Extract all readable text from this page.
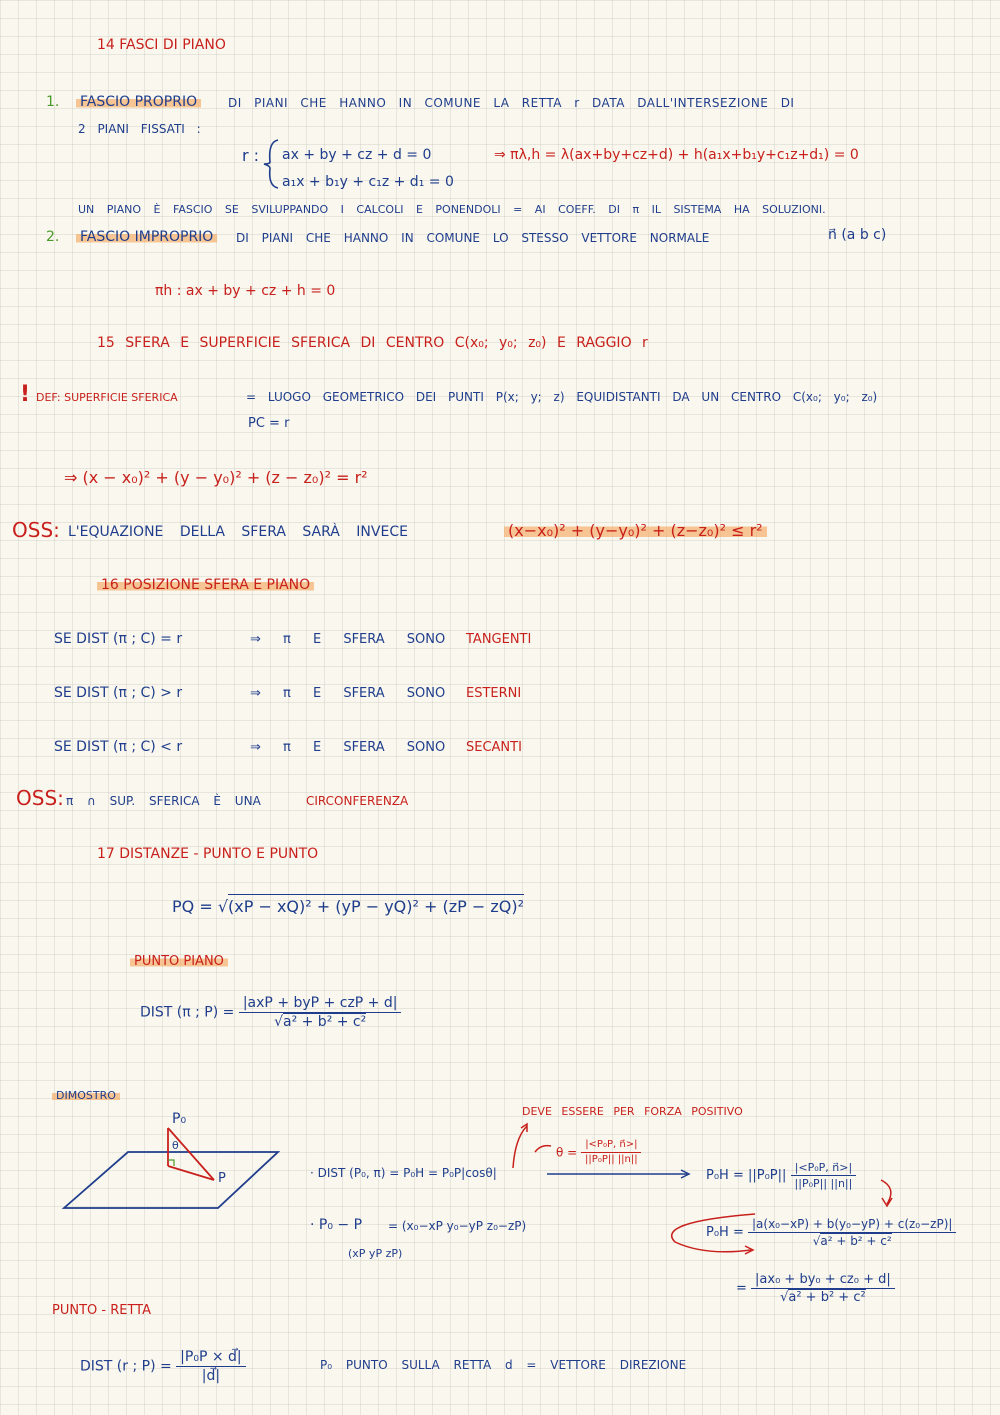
14 FASCI DI PIANO
1. FASCIO PROPRIO	DI PIANI CHE HANNO IN COMUNE LA RETTA r DATA DALL'INTERSEZIONE DI
2 PIANI FISSATI :
r : ax + by + cz + d = 0
a₁x + b₁y + c₁z + d₁ = 0
⇒ πλ,h = λ(ax+by+cz+d) + h(a₁x+b₁y+c₁z+d₁) = 0
UN PIANO È FASCIO SE SVILUPPANDO I CALCOLI E PONENDOLI = AI COEFF. DI π IL SISTEMA HA SOLUZIONI.
2. FASCIO IMPROPRIO	DI PIANI CHE HANNO IN COMUNE LO STESSO VETTORE NORMALE	n⃗ (a b c)
πh : ax + by + cz + h = 0
15 SFERA E SUPERFICIE SFERICA DI CENTRO C(x₀; y₀; z₀) E RAGGIO r
! DEF: SUPERFICIE SFERICA	= LUOGO GEOMETRICO DEI PUNTI P(x; y; z) EQUIDISTANTI DA UN CENTRO C(x₀; y₀; z₀)
PC = r
⇒ (x − x₀)² + (y − y₀)² + (z − z₀)² = r²
OSS: L'EQUAZIONE DELLA SFERA SARÀ INVECE	(x−x₀)² + (y−y₀)² + (z−z₀)² ≤ r²
16 POSIZIONE SFERA E PIANO
SE DIST (π ; C) = r	⇒ π E SFERA SONO TANGENTI
SE DIST (π ; C) > r	⇒ π E SFERA SONO ESTERNI
SE DIST (π ; C) < r	⇒ π E SFERA SONO SECANTI
OSS: π ∩ SUP. SFERICA È UNA	CIRCONFERENZA
17 DISTANZE - PUNTO E PUNTO
PQ = √(xP − xQ)² + (yP − yQ)² + (zP − zQ)²
PUNTO PIANO
DIST (π ; $P) = \frac{\text{|axP + byP + czP + d|}}{\text{√a² + b² + c²}}$
DIMOSTRO
P₀
θ
P
DEVE ESSERE PER FORZA POSITIVO
$\theta = \frac{\text{|<P₀P, n⃗>|}}{\text{||P₀P|| ||n||}}$
· DIST (P₀, π) = P₀H = P₀P|cosθ|	$P_0H = ||P_0P|| \frac{\text{|<P₀P, n⃗>|}}{\text{||P₀P|| ||n||}}$
· P₀ − P = (x₀−xP y₀−yP z₀−zP)
(xP yP zP)
$P_0H = \frac{\text{|a(x₀−xP) + b(y₀−yP) + c(z₀−zP)|}}{\text{√a² + b² + c²}}$
= $\frac{\text{|ax₀ + by₀ + cz₀ + d|}}{\text{√a² + b² + c²}}$
PUNTO - RETTA
DIST (r ; $P) = \frac{\text{|P₀P × d⃗|}}{|d⃗|}$	P₀ PUNTO SULLA RETTA d = VETTORE DIREZIONE
